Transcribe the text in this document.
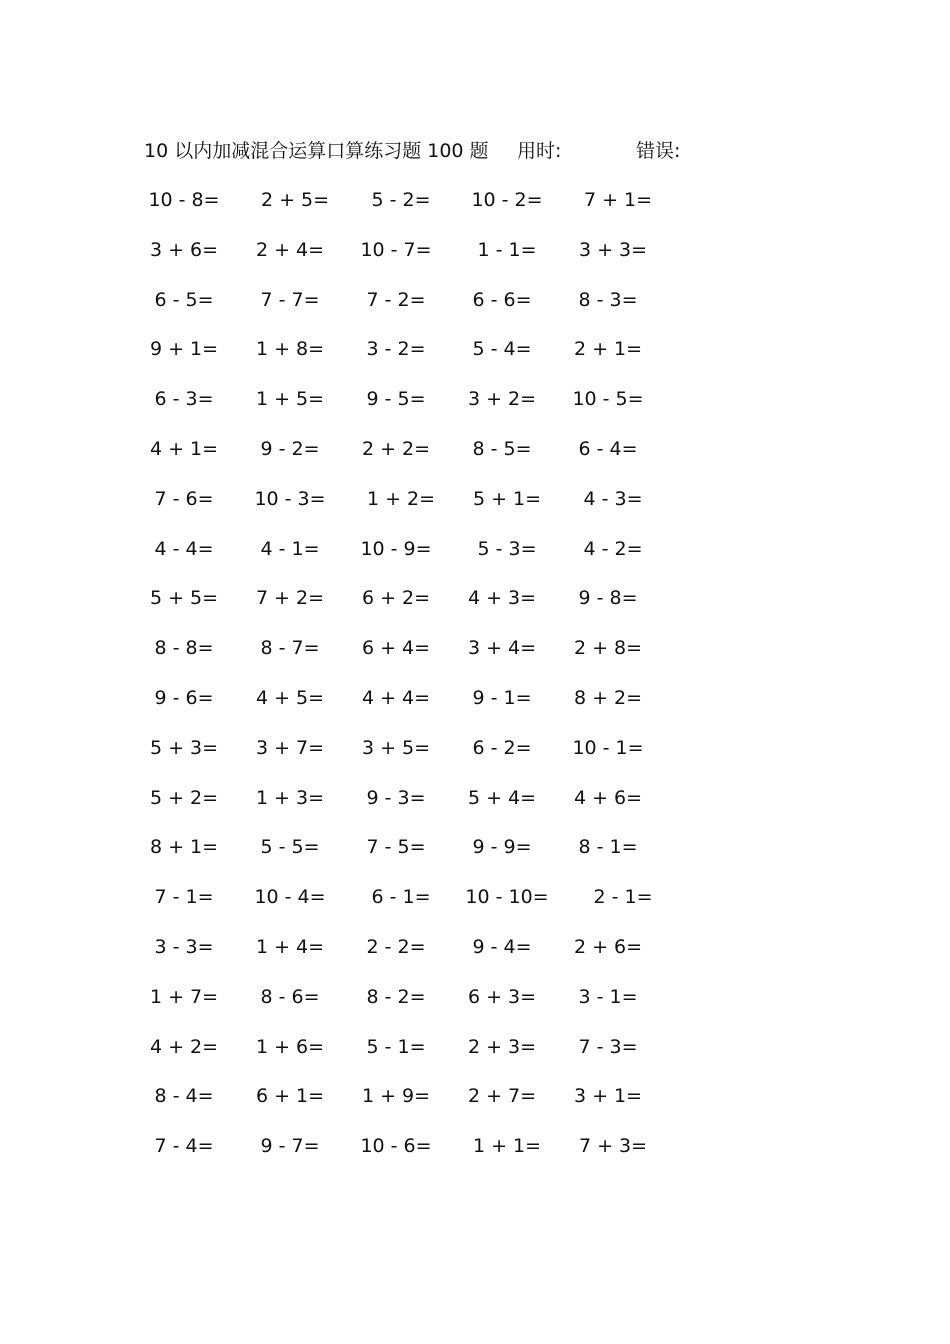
10 以内加减混合运算口算练习题 100 题 用时:	错误:
10 - 8=	2 + 5=	5 - 2=	10 - 2=	7 + 1=
3 + 6=	2 + 4=	10 - 7=	1 - 1=	3 + 3=
6 - 5=	7 - 7=	7 - 2=	6 - 6=	8 - 3=
9 + 1=	1 + 8=	3 - 2=	5 - 4=	2 + 1=
6 - 3=	1 + 5=	9 - 5=	3 + 2=	10 - 5=
4 + 1=	9 - 2=	2 + 2=	8 - 5=	6 - 4=
7 - 6=	10 - 3=	1 + 2=	5 + 1=	4 - 3=
4 - 4=	4 - 1=	10 - 9=	5 - 3=	4 - 2=
5 + 5=	7 + 2=	6 + 2=	4 + 3=	9 - 8=
8 - 8=	8 - 7=	6 + 4=	3 + 4=	2 + 8=
9 - 6=	4 + 5=	4 + 4=	9 - 1=	8 + 2=
5 + 3=	3 + 7=	3 + 5=	6 - 2=	10 - 1=
5 + 2=	1 + 3=	9 - 3=	5 + 4=	4 + 6=
8 + 1=	5 - 5=	7 - 5=	9 - 9=	8 - 1=
7 - 1=	10 - 4=	6 - 1=	10 - 10=	2 - 1=
3 - 3=	1 + 4=	2 - 2=	9 - 4=	2 + 6=
1 + 7=	8 - 6=	8 - 2=	6 + 3=	3 - 1=
4 + 2=	1 + 6=	5 - 1=	2 + 3=	7 - 3=
8 - 4=	6 + 1=	1 + 9=	2 + 7=	3 + 1=
7 - 4=	9 - 7=	10 - 6=	1 + 1=	7 + 3=
